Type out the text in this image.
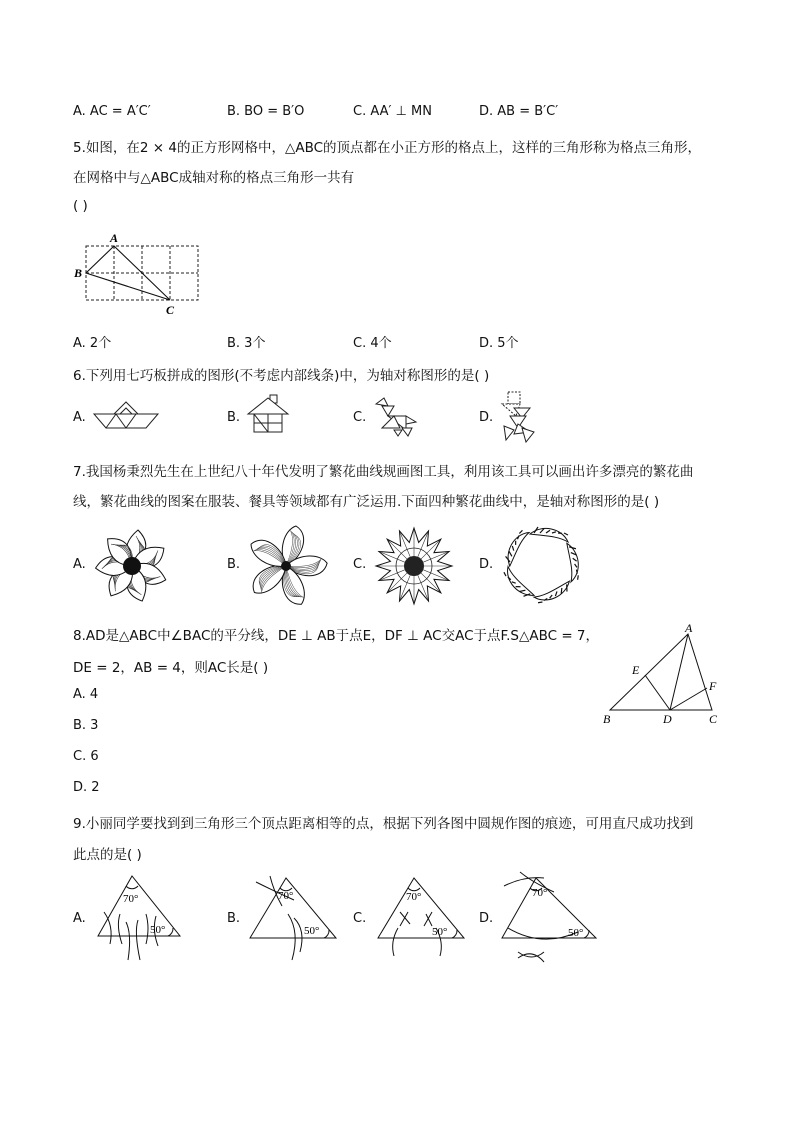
A. AC = A′C′	B. BO = B′O	C. AA′ ⊥ MN	D. AB = B′C′
5.如图，在2 × 4的正方形网格中，△ABC的顶点都在小正方形的格点上，这样的三角形称为格点三角形，
在网格中与△ABC成轴对称的格点三角形一共有
( )
A
B
C
A. 2个	B. 3个	C. 4个	D. 5个
6.下列用七巧板拼成的图形(不考虑内部线条)中，为轴对称图形的是( )
A.	B.	C.	D.
7.我国杨秉烈先生在上世纪八十年代发明了繁花曲线规画图工具，利用该工具可以画出许多漂亮的繁花曲
线，繁花曲线的图案在服装、餐具等领域都有广泛运用.下面四种繁花曲线中，是轴对称图形的是( )
A.	B.	C.	D.
8.AD是△ABC中∠BAC的平分线，DE ⊥ AB于点E，DF ⊥ AC交AC于点F.S△ABC = 7，
DE = 2，AB = 4，则AC长是( )
A. 4
B. 3
C. 6
D. 2
A
B	C
D
E
F
9.小丽同学要找到到三角形三个顶点距离相等的点，根据下列各图中圆规作图的痕迹，可用直尺成功找到
此点的是( )
A.
70°
50°
B.
70°
50°
C.
70°
50°
D.
70°
50°
